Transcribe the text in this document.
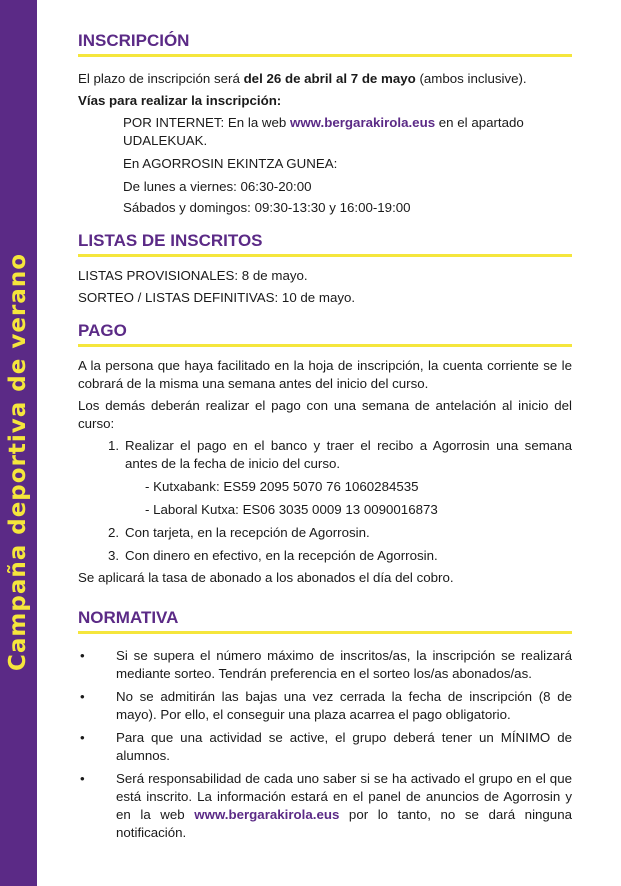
Campaña deportiva de verano
INSCRIPCIÓN

El plazo de inscripción será del 26 de abril al 7 de mayo (ambos inclusive).

Vías para realizar la inscripción:

POR INTERNET: En la web www.bergarakirola.eus en el apartado UDALEKUAK.

En AGORROSIN EKINTZA GUNEA:

De lunes a viernes: 06:30-20:00

Sábados y domingos: 09:30-13:30 y 16:00-19:00

LISTAS DE INSCRITOS

LISTAS PROVISIONALES: 8 de mayo.

SORTEO / LISTAS DEFINITIVAS: 10 de mayo.

PAGO

A la persona que haya facilitado en la hoja de inscripción, la cuenta corriente se le cobrará de la misma una semana antes del inicio del curso.

Los demás deberán realizar el pago con una semana de antelación al inicio del curso:

1. Realizar el pago en el banco y traer el recibo a Agorrosin una semana antes de la fecha de inicio del curso.

- Kutxabank: ES59 2095 5070 76 1060284535

- Laboral Kutxa: ES06 3035 0009 13 0090016873

2. Con tarjeta, en la recepción de Agorrosin.

3. Con dinero en efectivo, en la recepción de Agorrosin.

Se aplicará la tasa de abonado a los abonados el día del cobro.

NORMATIVA
•	Si se supera el número máximo de inscritos/as, la inscripción se realizará mediante sorteo. Tendrán preferencia en el sorteo los/as abonados/as.

•	No se admitirán las bajas una vez cerrada la fecha de inscripción (8 de mayo). Por ello, el conseguir una plaza acarrea el pago obligatorio.

•	Para que una actividad se active, el grupo deberá tener un MÍNIMO de alumnos.

•	Será responsabilidad de cada uno saber si se ha activado el grupo en el que está inscrito. La información estará en el panel de anuncios de Agorrosin y en la web www.bergarakirola.eus por lo tanto, no se dará ninguna notificación.
